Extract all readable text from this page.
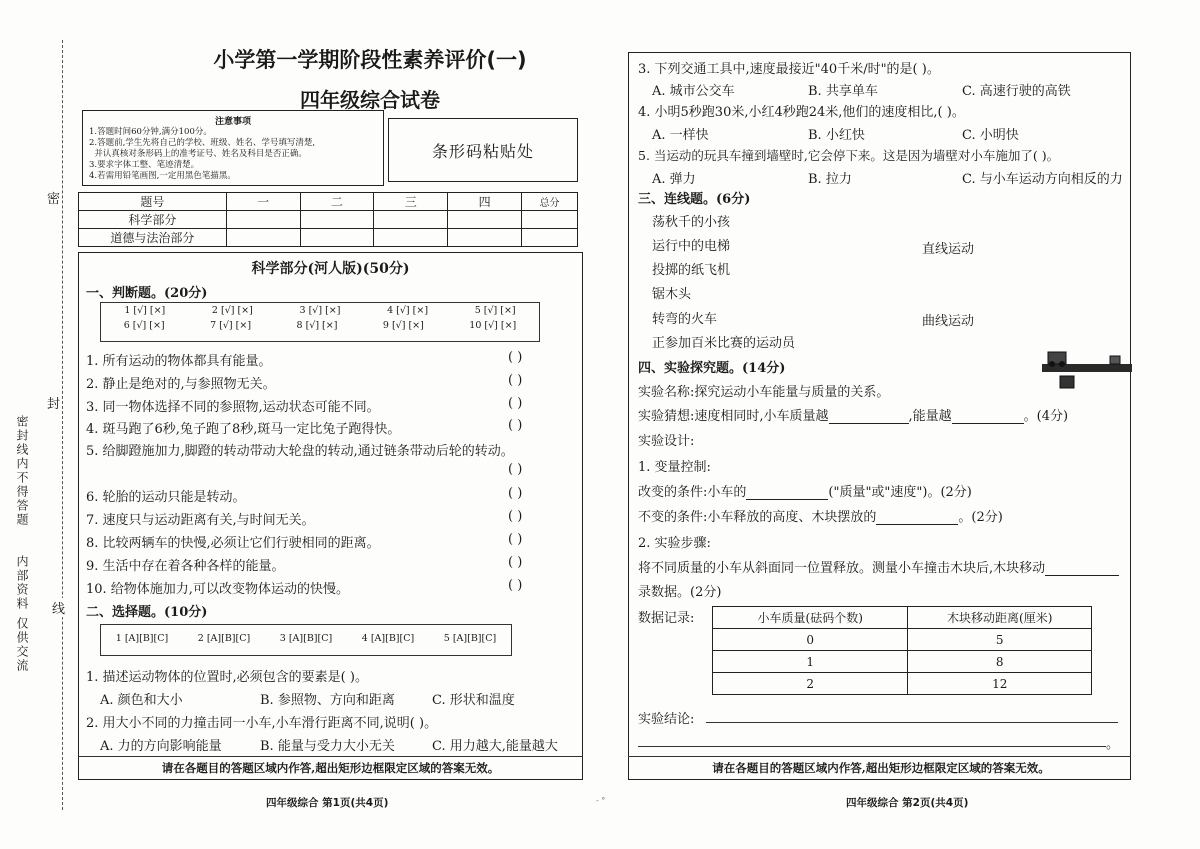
密
封
线
密封线内不得答题
内部资料 仅供交流
小学第一学期阶段性素养评价(一)
四年级综合试卷
注意事项
1.答题时间60分钟,满分100分。
2.答题前,学生先将自己的学校、班级、姓名、学号填写清楚,
并认真核对条形码上的准考证号、姓名及科目是否正确。
3.要求字体工整、笔迹清楚。
4.若需用铅笔画图,一定用黑色笔描黑。
条形码粘贴处
题号	一	二	三	四	总分
科学部分					
道德与法治部分					
科学部分(河人版)(50分)
一、判断题。(20分)
1 [√] [×]	2 [√] [×]	3 [√] [×]	4 [√] [×]	5 [√] [×]
6 [√] [×]	7 [√] [×]	8 [√] [×]	9 [√] [×]	10 [√] [×]
1. 所有运动的物体都具有能量。	( )
2. 静止是绝对的,与参照物无关。	( )
3. 同一物体选择不同的参照物,运动状态可能不同。	( )
4. 斑马跑了6秒,兔子跑了8秒,斑马一定比兔子跑得快。	( )
5. 给脚蹬施加力,脚蹬的转动带动大轮盘的转动,通过链条带动后轮的转动。
( )
6. 轮胎的运动只能是转动。	( )
7. 速度只与运动距离有关,与时间无关。	( )
8. 比较两辆车的快慢,必须让它们行驶相同的距离。	( )
9. 生活中存在着各种各样的能量。	( )
10. 给物体施加力,可以改变物体运动的快慢。	( )
二、选择题。(10分)
1 [A][B][C]	2 [A][B][C]	3 [A][B][C]	4 [A][B][C]	5 [A][B][C]
1. 描述运动物体的位置时,必须包含的要素是( )。
A. 颜色和大小	B. 参照物、方向和距离	C. 形状和温度
2. 用大小不同的力撞击同一小车,小车滑行距离不同,说明( )。
A. 力的方向影响能量	B. 能量与受力大小无关	C. 用力越大,能量越大
请在各题目的答题区域内作答,超出矩形边框限定区域的答案无效。
四年级综合 第1页(共4页)	- °
3. 下列交通工具中,速度最接近"40千米/时"的是( )。
A. 城市公交车	B. 共享单车	C. 高速行驶的高铁
4. 小明5秒跑30米,小红4秒跑24米,他们的速度相比,( )。
A. 一样快	B. 小红快	C. 小明快
5. 当运动的玩具车撞到墙壁时,它会停下来。这是因为墙壁对小车施加了( )。
A. 弹力	B. 拉力	C. 与小车运动方向相反的力
三、连线题。(6分)
荡秋千的小孩
运行中的电梯
投掷的纸飞机
锯木头
转弯的火车
正参加百米比赛的运动员
直线运动
曲线运动
四、实验探究题。(14分)
实验名称:探究运动小车能量与质量的关系。
实验猜想:速度相同时,小车质量越	,能量越	。(4分)
实验设计:
1. 变量控制:
改变的条件:小车的	("质量"或"速度")。(2分)
不变的条件:小车释放的高度、木块摆放的	。(2分)
2. 实验步骤:
将不同质量的小车从斜面同一位置释放。测量小车撞击木块后,木块移动
录数据。(2分)
数据记录:	小车质量(砝码个数)	木块移动距离(厘米)
0	5
1	8
2	12
实验结论:
。
请在各题目的答题区域内作答,超出矩形边框限定区域的答案无效。
四年级综合 第2页(共4页)
